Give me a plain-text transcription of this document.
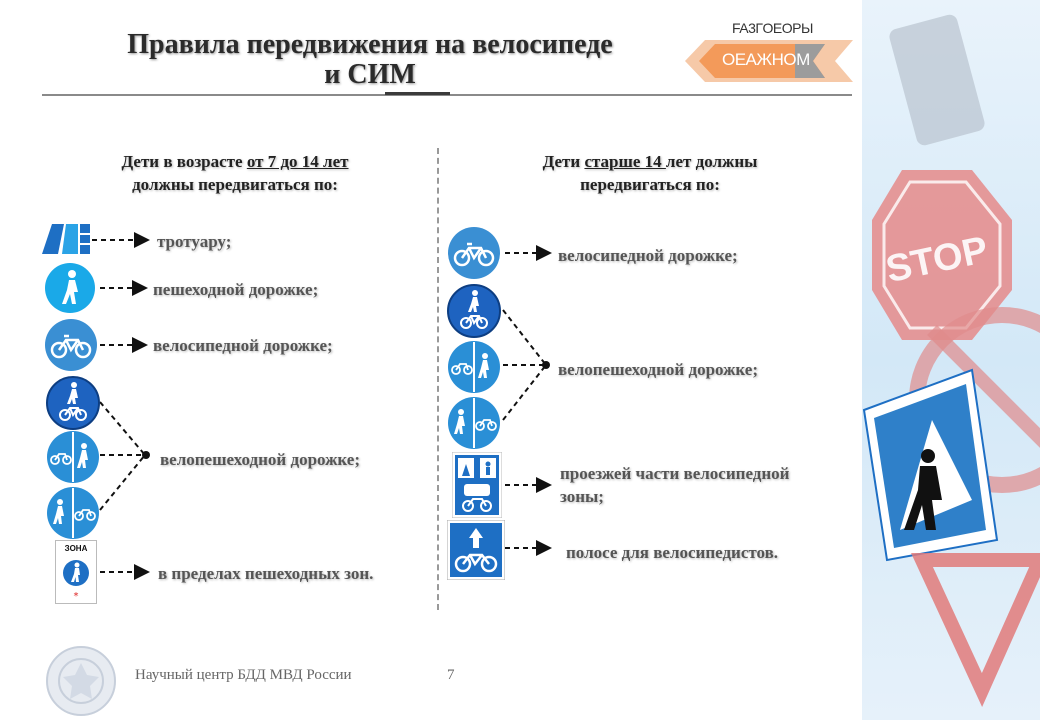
Правила передвижения на велосипеде
и СИМ
FA3ГOEOPЫ
OEAЖHOM
Дети в возрасте от 7 до 14 лет
должны передвигаться по:
Дети старше 14 лет должны
передвигаться по:
ЗОНА
*
тротуару;
пешеходной дорожке;
велосипедной дорожке;
велопешеходной дорожке;
в пределах пешеходных зон.
велосипедной дорожке;
велопешеходной дорожке;
проезжей части велосипедной
зоны;
полосе для велосипедистов.
STOP
Научный центр БДД МВД России	7
